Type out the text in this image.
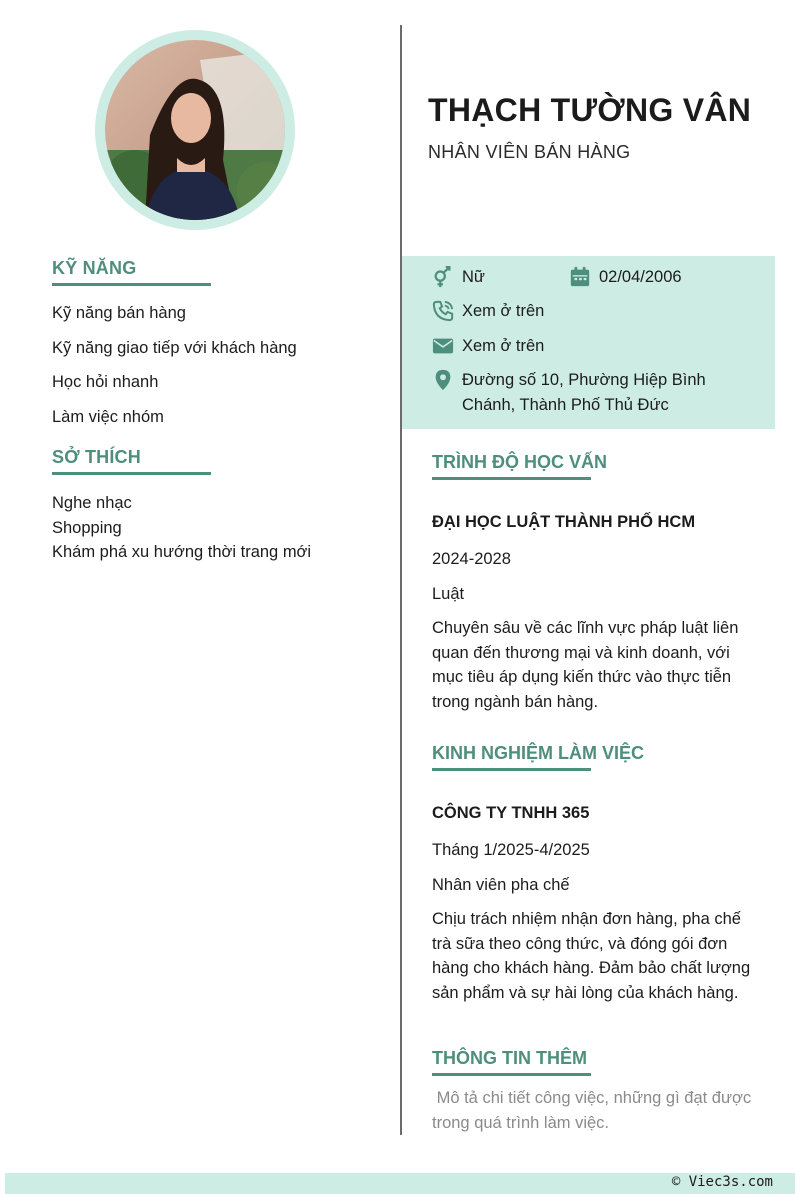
KỸ NĂNG
Kỹ năng bán hàng
Kỹ năng giao tiếp với khách hàng
Học hỏi nhanh
Làm việc nhóm
SỞ THÍCH
Nghe nhạc
Shopping
Khám phá xu hướng thời trang mới
THẠCH TƯỜNG VÂN
NHÂN VIÊN BÁN HÀNG
Nữ	02/04/2006
Xem ở trên
Xem ở trên
Đường số 10, Phường Hiệp Bình
Chánh, Thành Phố Thủ Đức
TRÌNH ĐỘ HỌC VẤN
ĐẠI HỌC LUẬT THÀNH PHỐ HCM
2024-2028
Luật
Chuyên sâu về các lĩnh vực pháp luật liên quan đến thương mại và kinh doanh, với mục tiêu áp dụng kiến thức vào thực tiễn trong ngành bán hàng.
KINH NGHIỆM LÀM VIỆC
CÔNG TY TNHH 365
Tháng 1/2025-4/2025
Nhân viên pha chế
Chịu trách nhiệm nhận đơn hàng, pha chế trà sữa theo công thức, và đóng gói đơn hàng cho khách hàng. Đảm bảo chất lượng sản phẩm và sự hài lòng của khách hàng.
THÔNG TIN THÊM
Mô tả chi tiết công việc, những gì đạt được trong quá trình làm việc.
© Viec3s.com
